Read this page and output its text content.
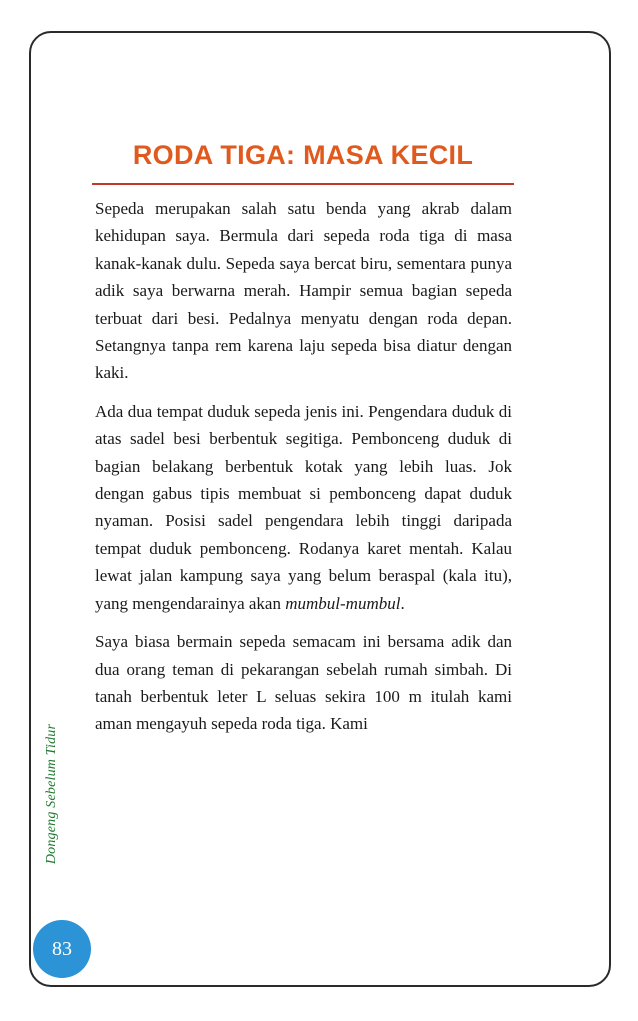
RODA TIGA: MASA KECIL

Sepeda merupakan salah satu benda yang akrab dalam kehidupan saya. Bermula dari sepeda roda tiga di masa kanak-kanak dulu. Sepeda saya bercat biru, sementara punya adik saya berwarna merah. Hampir semua bagian sepeda terbuat dari besi. Pedalnya menyatu dengan roda depan. Setangnya tanpa rem karena laju sepeda bisa diatur dengan kaki.

Ada dua tempat duduk sepeda jenis ini. Pengendara duduk di atas sadel besi berbentuk segitiga. Pembonceng duduk di bagian belakang berbentuk kotak yang lebih luas. Jok dengan gabus tipis membuat si pembonceng dapat duduk nyaman. Posisi sadel pengendara lebih tinggi daripada tempat duduk pembonceng. Rodanya karet mentah. Kalau lewat jalan kampung saya yang belum beraspal (kala itu), yang mengendarainya akan mumbul-mumbul.

Saya biasa bermain sepeda semacam ini bersama adik dan dua orang teman di pekarangan sebelah rumah simbah. Di tanah berbentuk leter L seluas sekira 100 m itulah kami aman mengayuh sepeda roda tiga. Kami

Dongeng Sebelum Tidur
83
